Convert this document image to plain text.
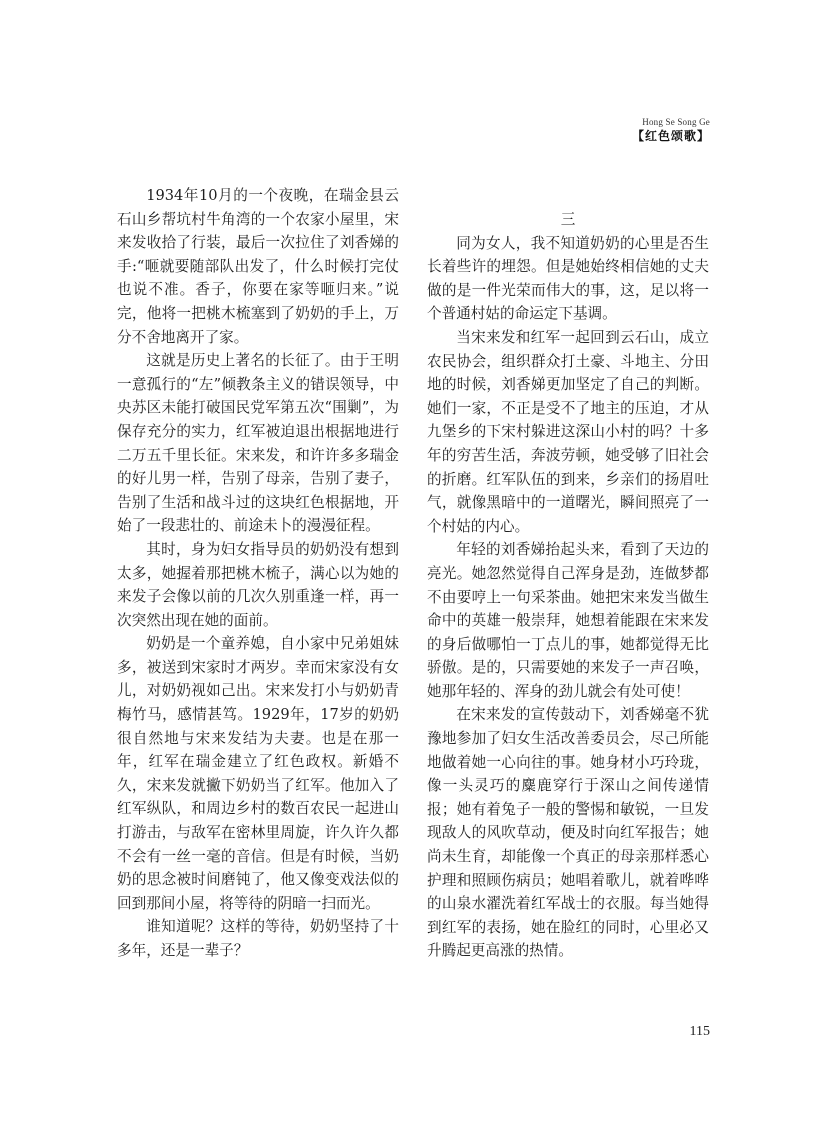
Hong Se Song Ge
【红色颂歌】

1934年10月的一个夜晚，在瑞金县云石山乡帮坑村牛角湾的一个农家小屋里，宋来发收拾了行装，最后一次拉住了刘香娣的手:“咂就要随部队出发了，什么时候打完仗也说不准。香子，你要在家等咂归来。”说完，他将一把桃木梳塞到了奶奶的手上，万分不舍地离开了家。

这就是历史上著名的长征了。由于王明一意孤行的“左”倾教条主义的错误领导，中央苏区未能打破国民党军第五次“围剿”，为保存充分的实力，红军被迫退出根据地进行二万五千里长征。宋来发，和许许多多瑞金的好儿男一样，告别了母亲，告别了妻子，告别了生活和战斗过的这块红色根据地，开始了一段悲壮的、前途未卜的漫漫征程。

其时，身为妇女指导员的奶奶没有想到太多，她握着那把桃木梳子，满心以为她的来发子会像以前的几次久别重逢一样，再一次突然出现在她的面前。

奶奶是一个童养媳，自小家中兄弟姐妹多，被送到宋家时才两岁。幸而宋家没有女儿，对奶奶视如己出。宋来发打小与奶奶青梅竹马，感情甚笃。1929年，17岁的奶奶很自然地与宋来发结为夫妻。也是在那一年，红军在瑞金建立了红色政权。新婚不久，宋来发就撇下奶奶当了红军。他加入了红军纵队，和周边乡村的数百农民一起进山打游击，与敌军在密林里周旋，许久许久都不会有一丝一毫的音信。但是有时候，当奶奶的思念被时间磨钝了，他又像变戏法似的回到那间小屋，将等待的阴暗一扫而光。

谁知道呢？这样的等待，奶奶坚持了十多年，还是一辈子？

三

同为女人，我不知道奶奶的心里是否生长着些许的埋怨。但是她始终相信她的丈夫做的是一件光荣而伟大的事，这，足以将一个普通村姑的命运定下基调。

当宋来发和红军一起回到云石山，成立农民协会，组织群众打土豪、斗地主、分田地的时候，刘香娣更加坚定了自己的判断。她们一家，不正是受不了地主的压迫，才从九堡乡的下宋村躲进这深山小村的吗？十多年的穷苦生活，奔波劳顿，她受够了旧社会的折磨。红军队伍的到来，乡亲们的扬眉吐气，就像黑暗中的一道曙光，瞬间照亮了一个村姑的内心。

年轻的刘香娣抬起头来，看到了天边的亮光。她忽然觉得自己浑身是劲，连做梦都不由要哼上一句采茶曲。她把宋来发当做生命中的英雄一般崇拜，她想着能跟在宋来发的身后做哪怕一丁点儿的事，她都觉得无比骄傲。是的，只需要她的来发子一声召唤，她那年轻的、浑身的劲儿就会有处可使！

在宋来发的宣传鼓动下，刘香娣毫不犹豫地参加了妇女生活改善委员会，尽己所能地做着她一心向往的事。她身材小巧玲珑，像一头灵巧的麋鹿穿行于深山之间传递情报；她有着兔子一般的警惕和敏锐，一旦发现敌人的风吹草动，便及时向红军报告；她尚未生育，却能像一个真正的母亲那样悉心护理和照顾伤病员；她唱着歌儿，就着哗哗的山泉水濯洗着红军战士的衣服。每当她得到红军的表扬，她在脸红的同时，心里必又升腾起更高涨的热情。

115
